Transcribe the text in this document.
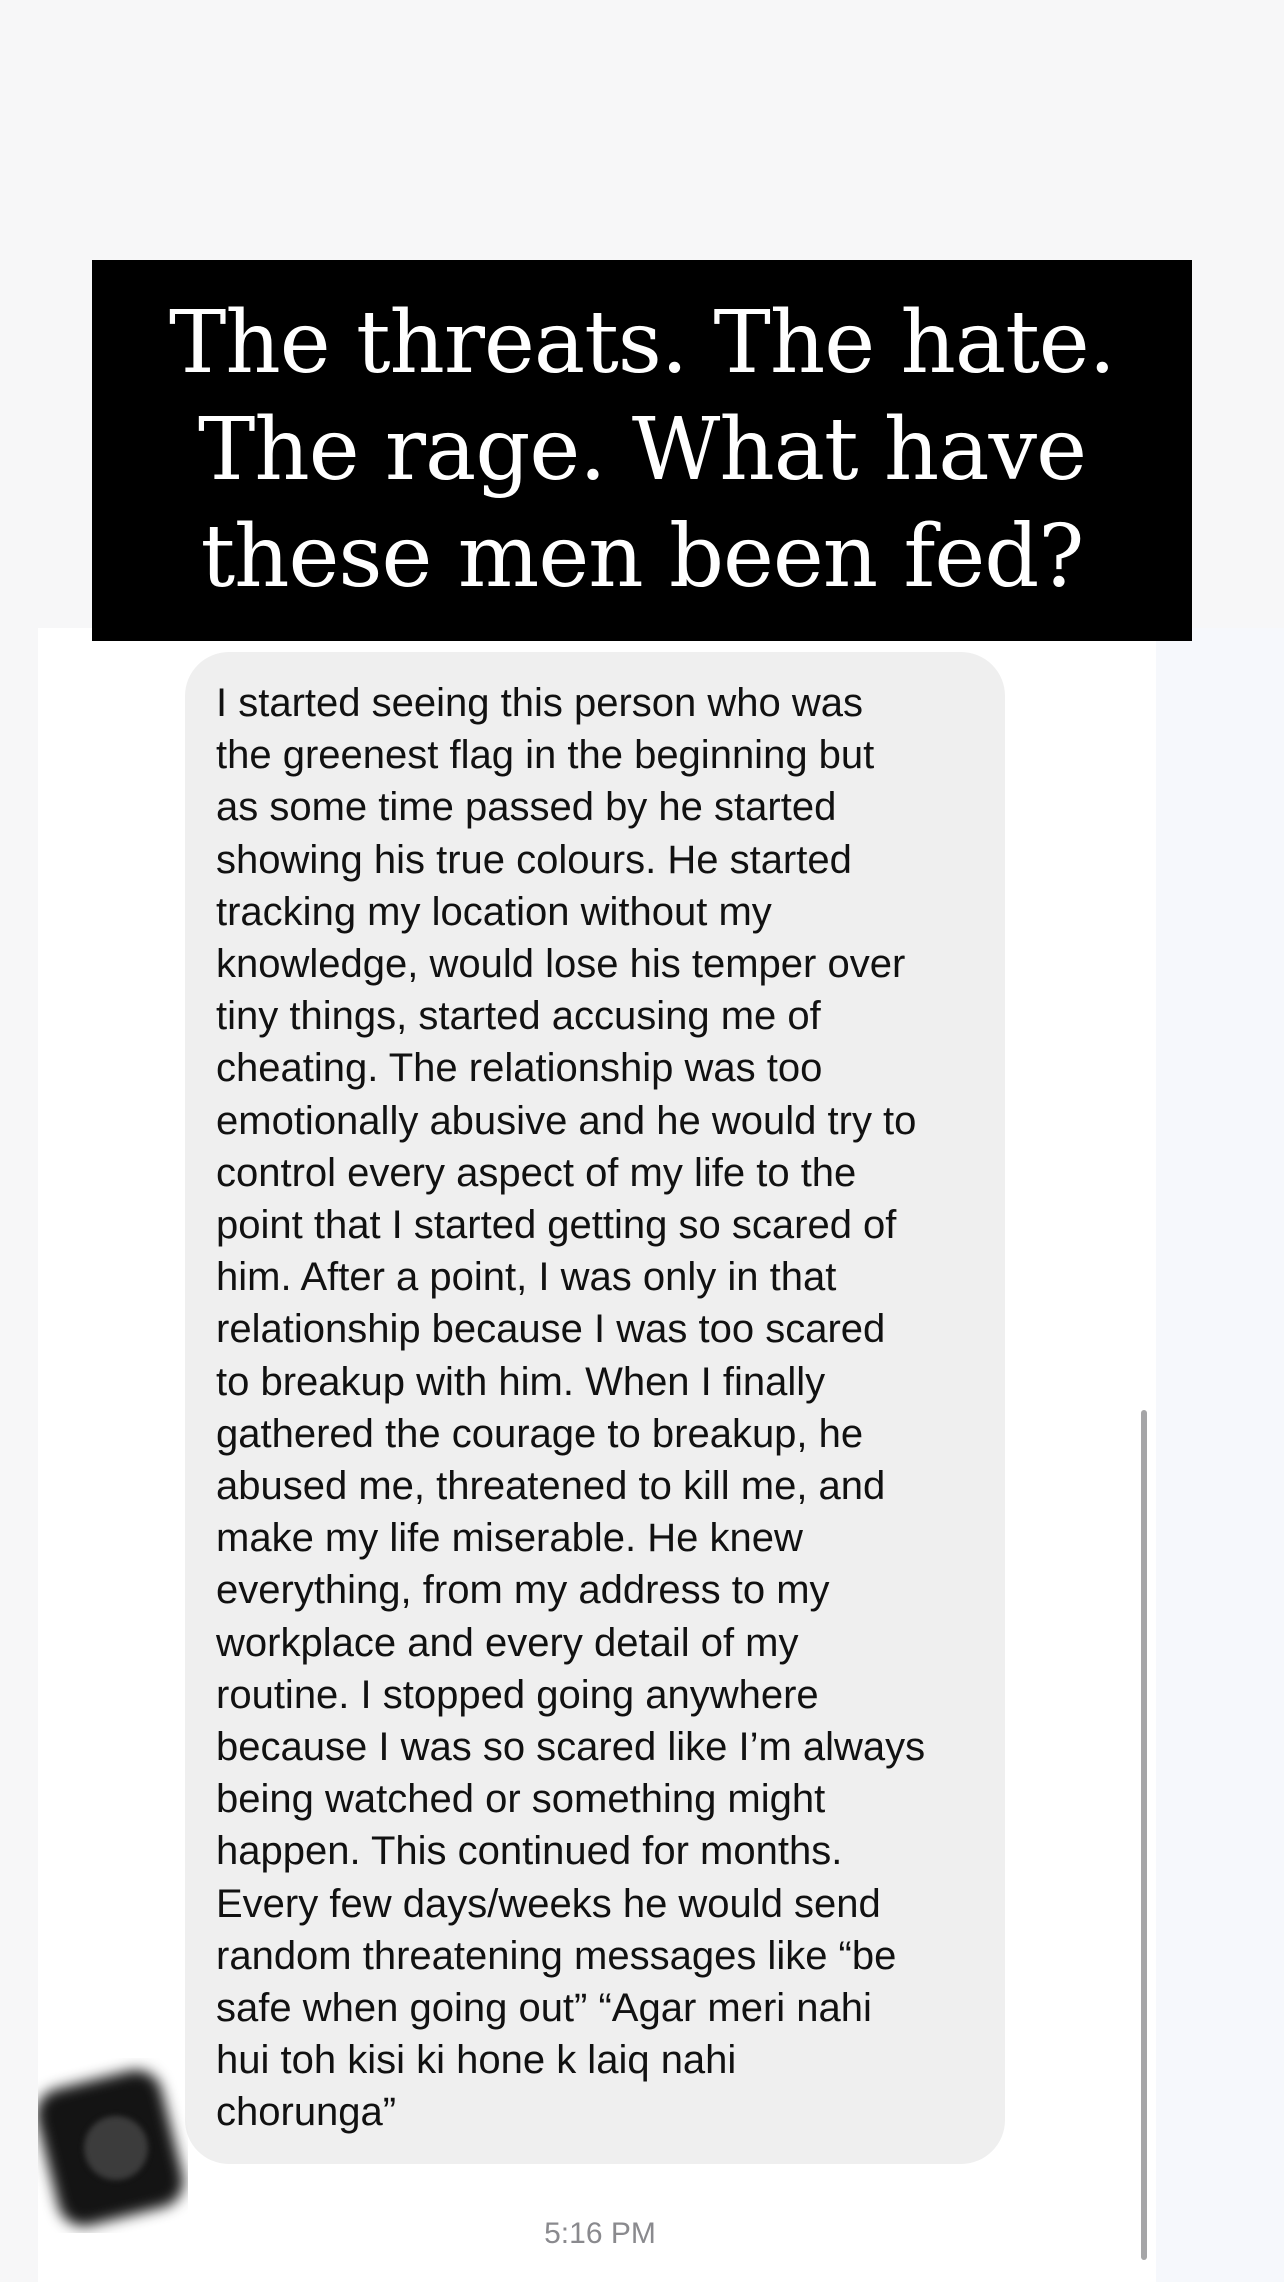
The threats. The hate. The rage. What have these men been fed?

I started seeing this person who was
the greenest flag in the beginning but
as some time passed by he started
showing his true colours. He started
tracking my location without my
knowledge, would lose his temper over
tiny things, started accusing me of
cheating. The relationship was too
emotionally abusive and he would try to
control every aspect of my life to the
point that I started getting so scared of
him. After a point, I was only in that
relationship because I was too scared
to breakup with him. When I finally
gathered the courage to breakup, he
abused me, threatened to kill me, and
make my life miserable. He knew
everything, from my address to my
workplace and every detail of my
routine. I stopped going anywhere
because I was so scared like I’m always
being watched or something might
happen. This continued for months.
Every few days/weeks he would send
random threatening messages like “be
safe when going out” “Agar meri nahi
hui toh kisi ki hone k laiq nahi
chorunga”

5:16 PM
